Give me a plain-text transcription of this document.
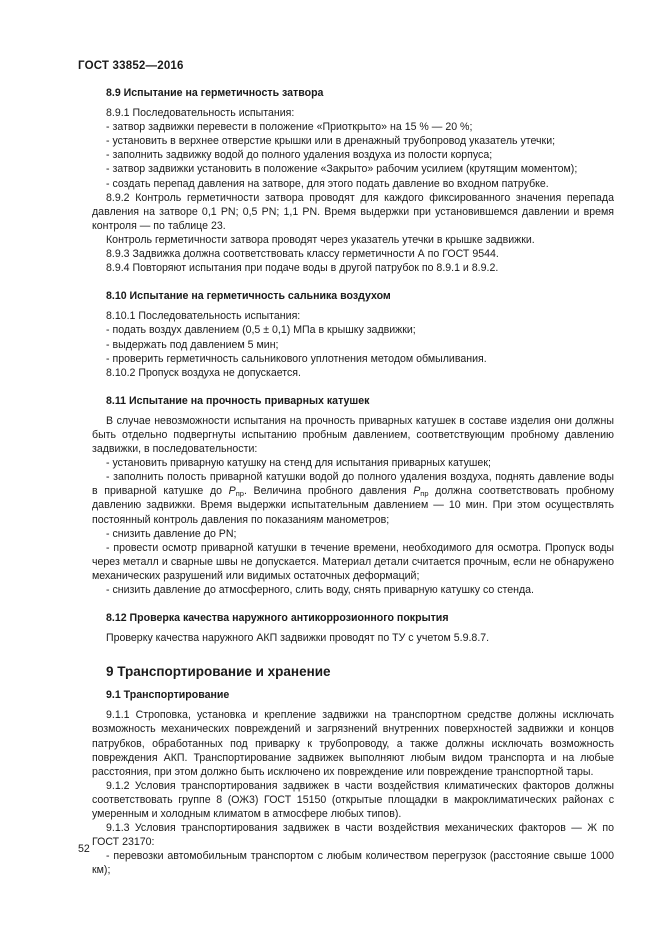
ГОСТ 33852—2016
8.9 Испытание на герметичность затвора

8.9.1 Последовательность испытания:

- затвор задвижки перевести в положение «Приоткрыто» на 15 % — 20 %;

- установить в верхнее отверстие крышки или в дренажный трубопровод указатель утечки;

- заполнить задвижку водой до полного удаления воздуха из полости корпуса;

- затвор задвижки установить в положение «Закрыто» рабочим усилием (крутящим моментом);

- создать перепад давления на затворе, для этого подать давление во входном патрубке.

8.9.2 Контроль герметичности затвора проводят для каждого фиксированного значения перепада давления на затворе 0,1 PN; 0,5 PN; 1,1 PN. Время выдержки при установившемся давлении и время контроля — по таблице 23.

Контроль герметичности затвора проводят через указатель утечки в крышке задвижки.

8.9.3 Задвижка должна соответствовать классу герметичности А по ГОСТ 9544.

8.9.4 Повторяют испытания при подаче воды в другой патрубок по 8.9.1 и 8.9.2.

8.10 Испытание на герметичность сальника воздухом

8.10.1 Последовательность испытания:

- подать воздух давлением (0,5 ± 0,1) МПа в крышку задвижки;

- выдержать под давлением 5 мин;

- проверить герметичность сальникового уплотнения методом обмыливания.

8.10.2 Пропуск воздуха не допускается.

8.11 Испытание на прочность приварных катушек

В случае невозможности испытания на прочность приварных катушек в составе изделия они должны быть отдельно подвергнуты испытанию пробным давлением, соответствующим пробному давлению задвижки, в последовательности:

- установить приварную катушку на стенд для испытания приварных катушек;

- заполнить полость приварной катушки водой до полного удаления воздуха, поднять давление воды в приварной катушке до $P_{пр}$. Величина пробного давления $P_{пр}$ должна соответствовать пробному давлению задвижки. Время выдержки испытательным давлением — 10 мин. При этом осуществлять постоянный контроль давления по показаниям манометров;

- снизить давление до PN;

- провести осмотр приварной катушки в течение времени, необходимого для осмотра. Пропуск воды через металл и сварные швы не допускается. Материал детали считается прочным, если не обнаружено механических разрушений или видимых остаточных деформаций;

- снизить давление до атмосферного, слить воду, снять приварную катушку со стенда.

8.12 Проверка качества наружного антикоррозионного покрытия

Проверку качества наружного АКП задвижки проводят по ТУ с учетом 5.9.8.7.

9 Транспортирование и хранение
9.1 Транспортирование

9.1.1 Строповка, установка и крепление задвижки на транспортном средстве должны исключать возможность механических повреждений и загрязнений внутренних поверхностей задвижки и концов патрубков, обработанных под приварку к трубопроводу, а также должны исключать возможность повреждения АКП. Транспортирование задвижек выполняют любым видом транспорта и на любые расстояния, при этом должно быть исключено их повреждение или повреждение транспортной тары.

9.1.2 Условия транспортирования задвижек в части воздействия климатических факторов должны соответствовать группе 8 (ОЖ3) ГОСТ 15150 (открытые площадки в макроклиматических районах с умеренным и холодным климатом в атмосфере любых типов).

9.1.3 Условия транспортирования задвижек в части воздействия механических факторов — Ж по ГОСТ 23170:

- перевозки автомобильным транспортом с любым количеством перегрузок (расстояние свыше 1000 км);

52
